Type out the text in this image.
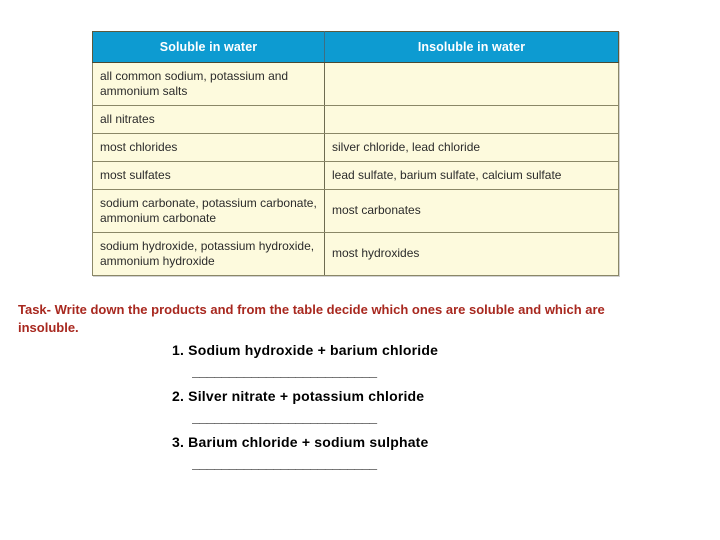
Soluble in water	Insoluble in water
all common sodium, potassium and ammonium salts	
all nitrates	
most chlorides	silver chloride, lead chloride
most sulfates	lead sulfate, barium sulfate, calcium sulfate
sodium carbonate, potassium carbonate, ammonium carbonate	most carbonates
sodium hydroxide, potassium hydroxide, ammonium hydroxide	most hydroxides

Task- Write down the products and from the table decide which ones are soluble and which are insoluble.

1. Sodium hydroxide + barium chloride
_________________________
2. Silver nitrate + potassium chloride
_________________________
3. Barium chloride + sodium sulphate
_________________________
